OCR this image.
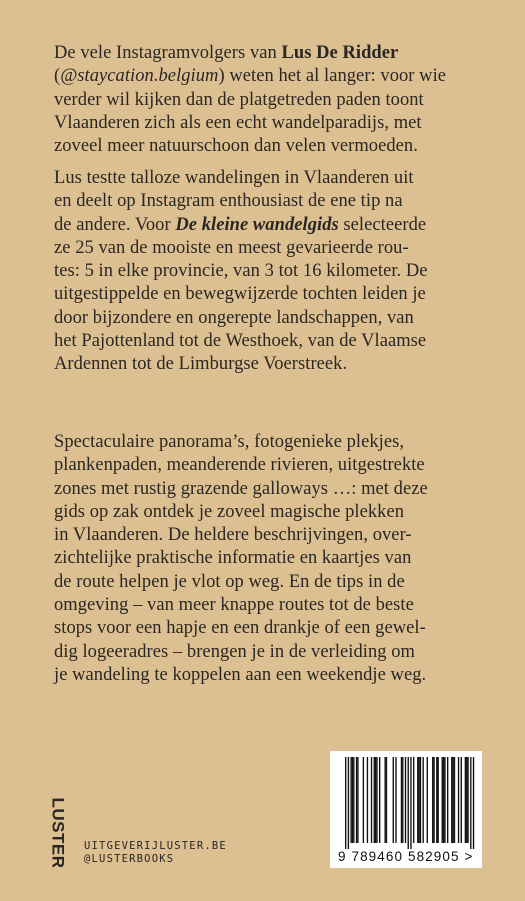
De vele Instagramvolgers van Lus De Ridder
(@staycation.belgium) weten het al langer: voor wie
verder wil kijken dan de platgetreden paden toont
Vlaanderen zich als een echt wandelparadijs, met
zoveel meer natuurschoon dan velen vermoeden.
Lus testte talloze wandelingen in Vlaanderen uit
en deelt op Instagram enthousiast de ene tip na
de andere. Voor De kleine wandelgids selecteerde
ze 25 van de mooiste en meest gevarieerde rou-
tes: 5 in elke provincie, van 3 tot 16 kilometer. De
uitgestippelde en bewegwijzerde tochten leiden je
door bijzondere en ongerepte landschappen, van
het Pajottenland tot de Westhoek, van de Vlaamse
Ardennen tot de Limburgse Voerstreek.
Spectaculaire panorama’s, fotogenieke plekjes,
plankenpaden, meanderende rivieren, uitgestrekte
zones met rustig grazende galloways …: met deze
gids op zak ontdek je zoveel magische plekken
in Vlaanderen. De heldere beschrijvingen, over-
zichtelijke praktische informatie en kaartjes van
de route helpen je vlot op weg. En de tips in de
omgeving – van meer knappe routes tot de beste
stops voor een hapje en een drankje of een gewel-
dig logeeradres – brengen je in de verleiding om
je wandeling te koppelen aan een weekendje weg.
LUSTER UITGEVERIJLUSTER.BE
@LUSTERBOOKS	9 789460 582905 >
